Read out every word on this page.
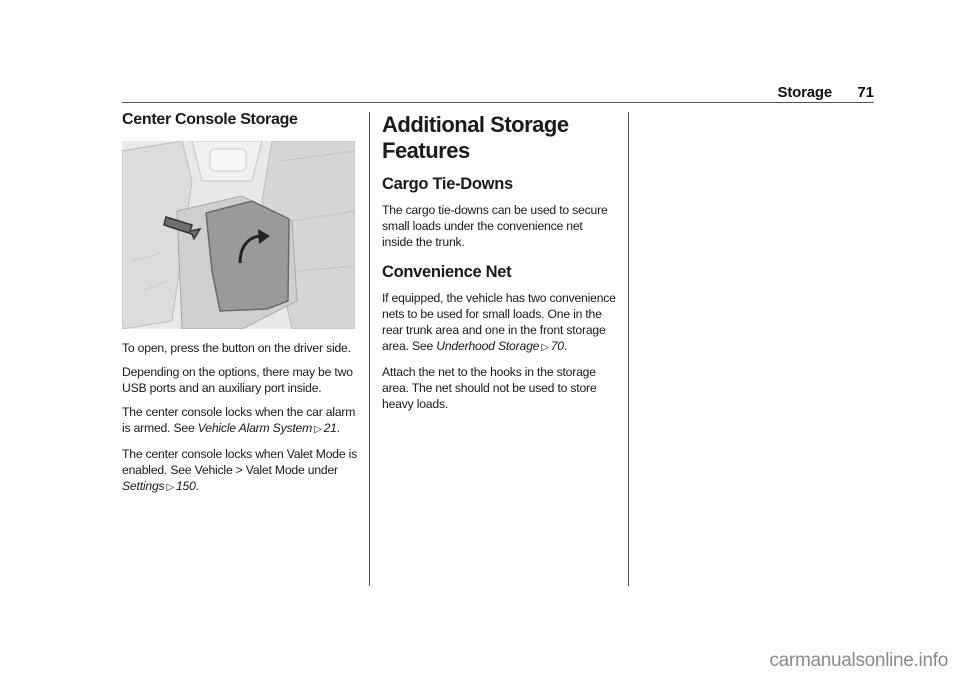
Storage	71
Center Console Storage

To open, press the button on the driver side.

Depending on the options, there may be two USB ports and an auxiliary port inside.

The center console locks when the car alarm is armed. See Vehicle Alarm System ▷ 21.

The center console locks when Valet Mode is enabled. See Vehicle > Valet Mode under Settings ▷ 150.

Additional Storage Features
Cargo Tie-Downs

The cargo tie-downs can be used to secure small loads under the convenience net inside the trunk.

Convenience Net

If equipped, the vehicle has two convenience nets to be used for small loads. One in the rear trunk area and one in the front storage area. See Underhood Storage ▷ 70.

Attach the net to the hooks in the storage area. The net should not be used to store heavy loads.

carmanualsonline.info
